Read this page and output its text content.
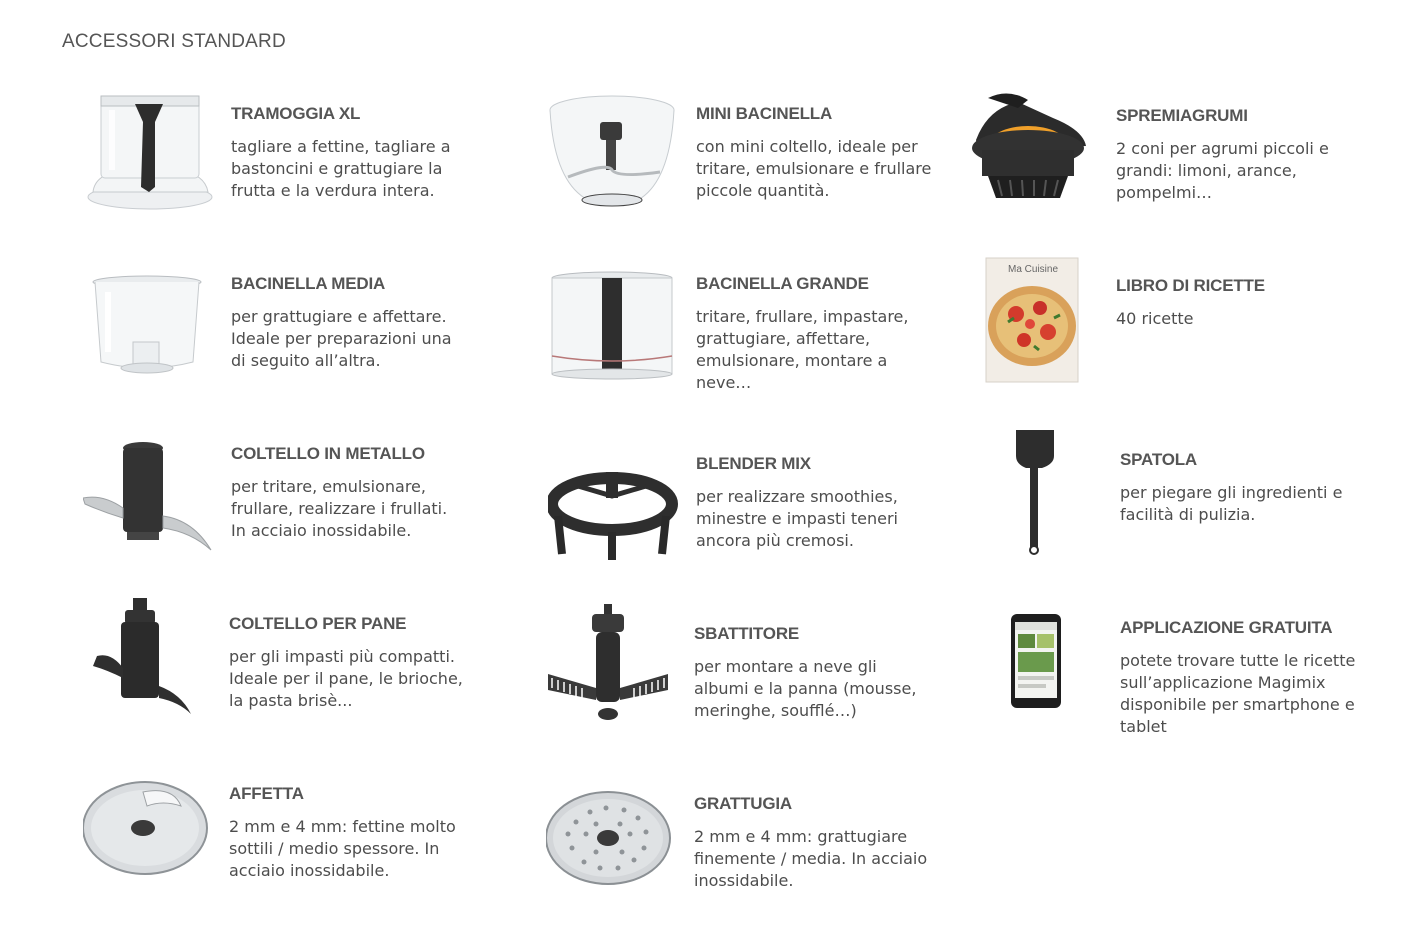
ACCESSORI STANDARD
TRAMOGGIA XL
tagliare a fettine, tagliare a bastoncini e grattugiare la frutta e la verdura intera.
MINI BACINELLA
con mini coltello, ideale per tritare, emulsionare e frullare piccole quantità.
SPREMIAGRUMI
2 coni per agrumi piccoli e grandi: limoni, arance, pompelmi…
BACINELLA MEDIA
per grattugiare e affettare. Ideale per preparazioni una di seguito all’altra.
BACINELLA GRANDE
tritare, frullare, impastare, grattugiare, affettare, emulsionare, montare a neve…
Ma Cuisine
LIBRO DI RICETTE
40 ricette
COLTELLO IN METALLO
per tritare, emulsionare, frullare, realizzare i frullati. In acciaio inossidabile.
BLENDER MIX
per realizzare smoothies, minestre e impasti teneri ancora più cremosi.
SPATOLA
per piegare gli ingredienti e facilità di pulizia.
COLTELLO PER PANE
per gli impasti più compatti. Ideale per il pane, le brioche, la pasta brisè...
SBATTITORE
per montare a neve gli albumi e la panna (mousse, meringhe, soufflé…)
APPLICAZIONE GRATUITA
potete trovare tutte le ricette sull’applicazione Magimix disponibile per smartphone e tablet
AFFETTA
2 mm e 4 mm: fettine molto sottili / medio spessore. In acciaio inossidabile.
GRATTUGIA
2 mm e 4 mm: grattugiare finemente / media. In acciaio inossidabile.
